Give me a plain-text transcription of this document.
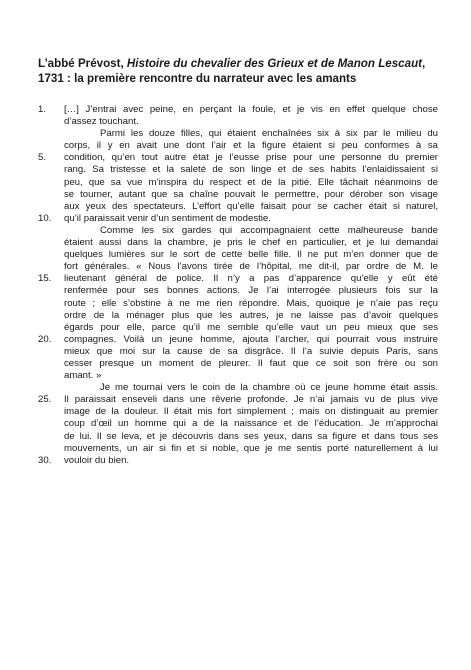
L’abbé Prévost, Histoire du chevalier des Grieux et de Manon Lescaut, 1731 : la première rencontre du narrateur avec les amants
1.	[…] J’entrai avec peine, en perçant la foule, et je vis en effet quelque chose
d’assez touchant.
Parmi les douze filles, qui étaient enchaînées six à six par le milieu du
corps, il y en avait une dont l’air et la figure étaient si peu conformes à sa
5.	condition, qu’en tout autre état je l’eusse prise pour une personne du premier
rang. Sa tristesse et la saleté de son linge et de ses habits l’enlaidissaient si
peu, que sa vue m’inspira du respect et de la pitié. Elle tâchait néanmoins de
se tourner, autant que sa chaîne pouvait le permettre, pour dérober son visage
aux yeux des spectateurs. L’effort qu’elle faisait pour se cacher était si naturel,
10.	qu’il paraissait venir d’un sentiment de modestie.
Comme les six gardes qui accompagnaient cette malheureuse bande
étaient aussi dans la chambre, je pris le chef en particulier, et je lui demandai
quelques lumières sur le sort de cette belle fille. Il ne put m’en donner que de
fort générales. « Nous l’avons tirée de l’hôpital, me dit-il, par ordre de M. le
15.	lieutenant général de police. Il n’y a pas d’apparence qu’elle y eût été
renfermée pour ses bonnes actions. Je l’ai interrogée plusieurs fois sur la
route ; elle s’obstine à ne me rien répondre. Mais, quoique je n’aie pas reçu
ordre de la ménager plus que les autres, je ne laisse pas d’avoir quelques
égards pour elle, parce qu’il me semble qu’elle vaut un peu mieux que ses
20.	compagnes. Voilà un jeune homme, ajouta l’archer, qui pourrait vous instruire
mieux que moi sur la cause de sa disgrâce. Il l’a suivie depuis Paris, sans
cesser presque un moment de pleurer. Il faut que ce soit son frère ou son
amant. »
Je me tournai vers le coin de la chambre où ce jeune homme était assis.
25.	Il paraissait enseveli dans une rêverie profonde. Je n’ai jamais vu de plus vive
image de la douleur. Il était mis fort simplement ; mais on distinguait au premier
coup d’œil un homme qui a de la naissance et de l’éducation. Je m’approchai
de lui. Il se leva, et je découvris dans ses yeux, dans sa figure et dans tous ses
mouvements, un air si fin et si noble, que je me sentis porté naturellement à lui
30.	vouloir du bien.
